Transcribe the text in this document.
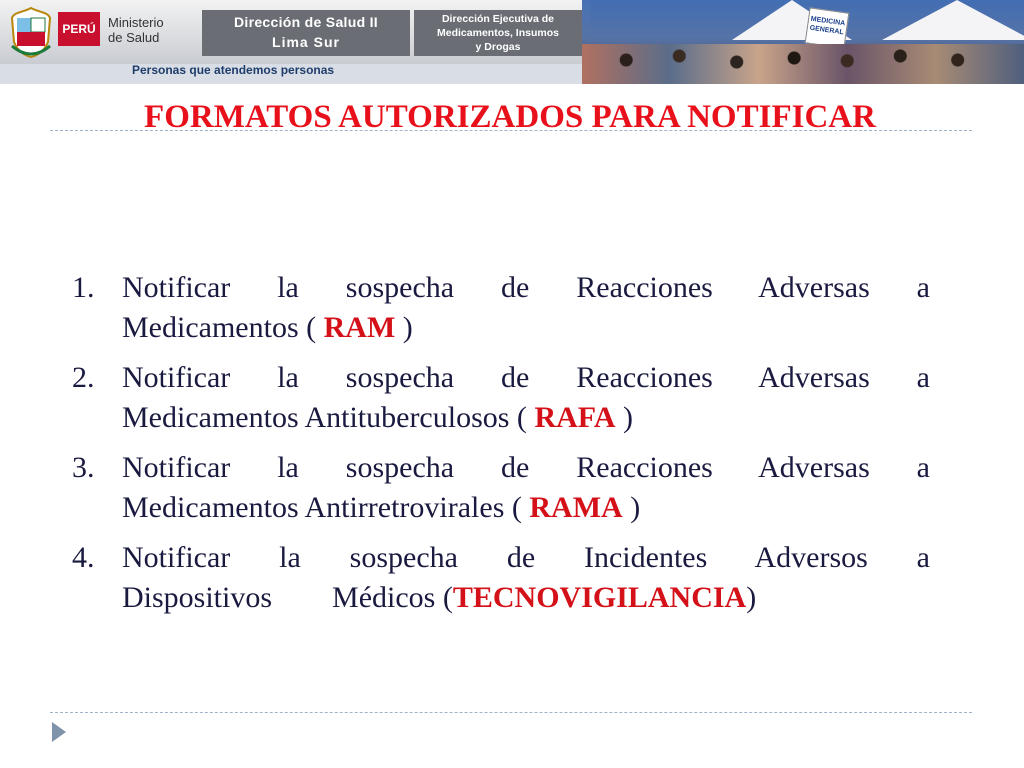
PERÚ Ministerio
de Salud
Dirección de Salud II
Lima Sur
Dirección Ejecutiva de
Medicamentos, Insumos
y Drogas
Personas que atendemos personas
MEDICINA GENERAL
FORMATOS AUTORIZADOS PARA NOTIFICAR
1. Notificar la sospecha de Reacciones Adversas a
Medicamentos ( RAM )
2. Notificar la sospecha de Reacciones Adversas a
Medicamentos Antituberculosos ( RAFA )
3. Notificar la sospecha de Reacciones Adversas a
Medicamentos Antirretrovirales ( RAMA )
4. Notificar la sospecha de Incidentes Adversos a
Dispositivos        Médicos (TECNOVIGILANCIA)
